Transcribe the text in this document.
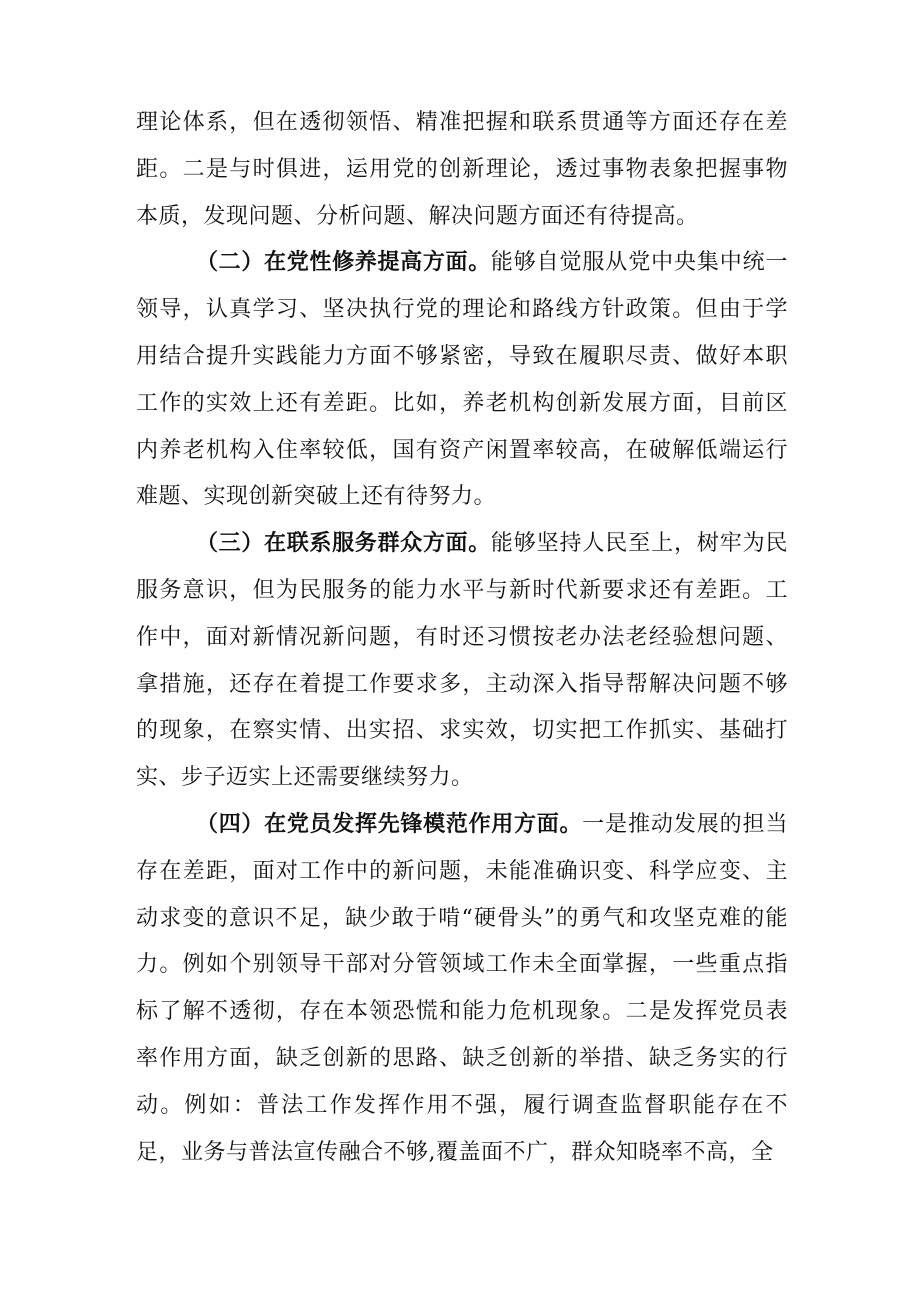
理论体系，但在透彻领悟、精准把握和联系贯通等方面还存在差距。二是与时俱进，运用党的创新理论，透过事物表象把握事物本质，发现问题、分析问题、解决问题方面还有待提高。

（二）在党性修养提高方面。能够自觉服从党中央集中统一领导，认真学习、坚决执行党的理论和路线方针政策。但由于学用结合提升实践能力方面不够紧密，导致在履职尽责、做好本职工作的实效上还有差距。比如，养老机构创新发展方面，目前区内养老机构入住率较低，国有资产闲置率较高，在破解低端运行难题、实现创新突破上还有待努力。

（三）在联系服务群众方面。能够坚持人民至上，树牢为民服务意识，但为民服务的能力水平与新时代新要求还有差距。工作中，面对新情况新问题，有时还习惯按老办法老经验想问题、拿措施，还存在着提工作要求多，主动深入指导帮解决问题不够的现象，在察实情、出实招、求实效，切实把工作抓实、基础打实、步子迈实上还需要继续努力。

（四）在党员发挥先锋模范作用方面。一是推动发展的担当存在差距，面对工作中的新问题，未能准确识变、科学应变、主动求变的意识不足，缺少敢于啃“硬骨头”的勇气和攻坚克难的能力。例如个别领导干部对分管领域工作未全面掌握，一些重点指标了解不透彻，存在本领恐慌和能力危机现象。二是发挥党员表率作用方面，缺乏创新的思路、缺乏创新的举措、缺乏务实的行动。例如：普法工作发挥作用不强，履行调查监督职能存在不足，业务与普法宣传融合不够,覆盖面不广，群众知晓率不高，全
